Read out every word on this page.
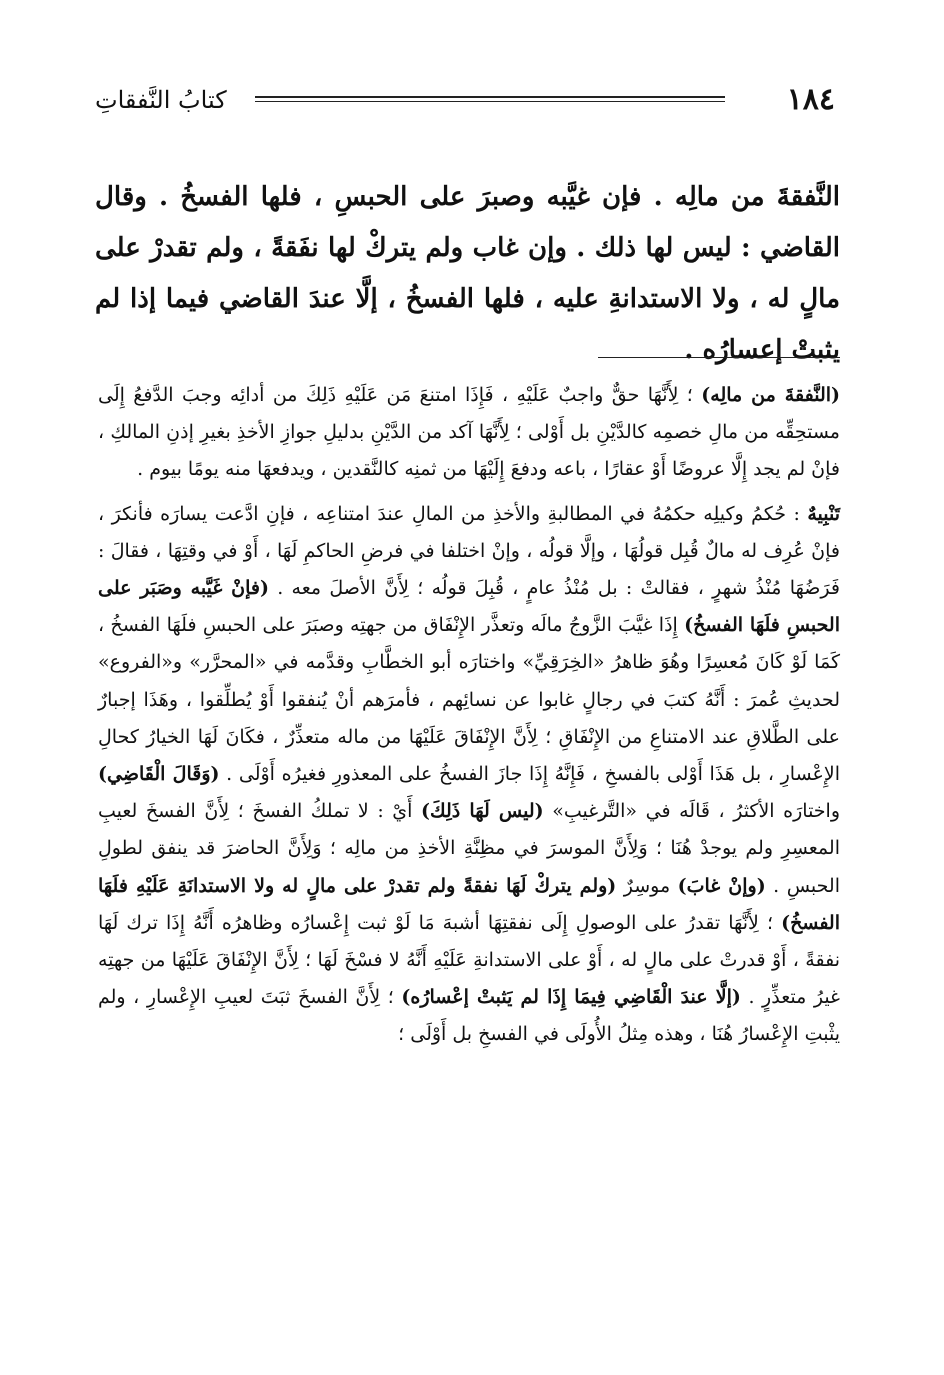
كتابُ النَّفقاتِ	١٨٤

النَّفقةَ من مالِه . فإن غيَّبه وصبرَ على الحبسِ ، فلها الفسخُ . وقال القاضي : ليس لها ذلك . وإن غاب ولم يتركْ لها نفَقةً ، ولم تقدرْ على مالٍ له ، ولا الاستدانةِ عليه ، فلها الفسخُ ، إلَّا عندَ القاضي فيما إذا لم يثبتْ إعسارُه .

(النَّفقةَ من مالِه) ؛ لِأَنَّهَا حقٌّ واجبٌ عَلَيْهِ ، فَإِذَا امتنعَ مَن عَلَيْهِ ذَلِكَ من أدائِه وجبَ الدَّفعُ إِلَى مستحِقِّه من مالِ خصمِه كالدَّيْنِ بل أَوْلى ؛ لِأَنَّهَا آكد من الدَّيْنِ بدليلِ جوازِ الأخذِ بغيرِ إذنِ المالكِ ، فإنْ لم يجد إِلَّا عروضًا أَوْ عقارًا ، باعه ودفعَ إِلَيْهَا من ثمنِه كالنَّقدين ، ويدفعهَا منه يومًا بيوم .

تَنْبِيهٌ : حُكمُ وكيلِه حكمُهُ في المطالبةِ والأخذِ من المالِ عندَ امتناعِه ، فإنِ ادَّعت يسارَه فأنكرَ ، فإنْ عُرِف له مالٌ قُبِل قولُهَا ، وإلَّا قولُه ، وإنْ اختلفا في فرضِ الحاكمِ لَهَا ، أَوْ في وقتِهَا ، فقالَ : فَرَضُهَا مُنْذُ شهرٍ ، فقالتْ : بل مُنْذُ عامٍ ، قُبِلَ قولُه ؛ لِأَنَّ الأصلَ معه . (فإنْ غَيَّبه وصَبَر على الحبسِ فلَهَا الفسخُ) إِذَا غيَّبَ الزَّوجُ مالَه وتعذَّر الإِنْفَاق من جهتِه وصبَرَ على الحبسِ فلَهَا الفسخُ ، كَمَا لَوْ كَانَ مُعسِرًا وهُوَ ظاهرُ «الخِرَقِيِّ» واختارَه أبو الخطَّابِ وقدَّمه في «المحرَّر» و«الفروع» لحديثِ عُمرَ : أَنَّهُ كتبَ في رجالٍ غابوا عن نسائِهم ، فأمرَهم أنْ يُنفقوا أَوْ يُطلِّقوا ، وهَذَا إجبارٌ على الطَّلاقِ عند الامتناعِ من الإِنْفَاقِ ؛ لِأَنَّ الإِنْفَاقَ عَلَيْهَا من ماله متعذِّرٌ ، فكَانَ لَهَا الخيارُ كحالِ الإِعْسارِ ، بل هَذَا أَوْلى بالفسخِ ، فَإِنَّهُ إِذَا جازَ الفسخُ على المعذورِ فغيرُه أَوْلَى . (وَقَالَ الْقَاضِي) واختارَه الأكثرُ ، قَالَه في «التَّرغيبِ» (ليس لَهَا ذَلِكَ) أَيْ : لا تملكُ الفسخَ ؛ لِأَنَّ الفسخَ لعيبِ المعسِرِ ولم يوجدْ هُنَا ؛ وَلِأَنَّ الموسرَ في مظِنَّةِ الأخذِ من مالِه ؛ وَلِأَنَّ الحاضرَ قد ينفق لطولِ الحبسِ . (وإنْ غابَ) موسِرٌ (ولم يتركْ لَهَا نفقةً ولم تقدرْ على مالٍ له ولا الاستدانَةِ عَلَيْهِ فلَهَا الفسخُ) ؛ لِأَنَّهَا تقدرُ على الوصولِ إِلَى نفقتِهَا أشبهَ مَا لَوْ ثبت إِعْسارُه وظاهرُه أَنَّهُ إِذَا ترك لَهَا نفقةً ، أَوْ قدرتْ على مالٍ له ، أَوْ على الاستدانةِ عَلَيْهِ أَنَّهُ لا فسْخَ لَهَا ؛ لِأَنَّ الإِنْفَاقَ عَلَيْهَا من جهتِه غيرُ متعذِّرٍ . (إلَّا عندَ الْقَاضِي فِيمَا إِذَا لم يَثبتْ إعْسارُه) ؛ لِأَنَّ الفسخَ ثبَتَ لعيبِ الإِعْسارِ ، ولم يثْبتِ الإِعْسارُ هُنَا ، وهذه مِثلُ الأُولَى في الفسخِ بل أَوْلَى ؛
